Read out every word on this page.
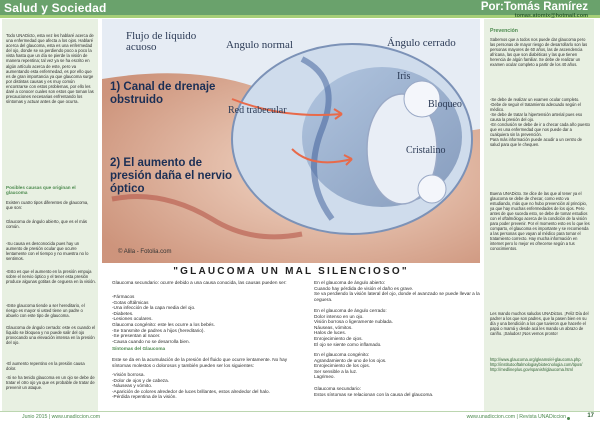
Salud y Sociedad	Por:Tomás Ramírez
tomas.atomix@hotmail.com

Todo UNADicto, esta vez les hablaré acerca de una enfermedad que afecta a los ojos. Hablaré acerca del glaucoma, esta es una enfermedad del ojo, donde se va perdiendo poco a poco la vista hasta que un día se pierde la visión de manera repentina; tal vez ya se ha escrito en algún artículo acerca de este, pero va aumentando esta enfermedad, es por ello que es de gran importancia ya que glaucoma surge por distintas causas y es muy común encontrarse con estos problemas, por ello les daré a conocer cuales son estos que toman las precauciones necesarias enfrentando los síntomas y actuar antes de que ocurra.

Posibles causas que originan el glaucoma

Existen cuatro tipos diferentes de glaucoma, que son:

Glaucoma de ángulo abierto, que es el más común.

-Su causa es desconocida pues hay un aumento de presión ocular que ocurre lentamente con el tiempo y no muestra no lo sentimos.

-Esto es que el aumento en la presión empuja sobre el nervio óptico y el tener esta presión produce algunas gotitas de ceguera en la visión.

-Este glaucoma tiende a ser hereditario, el riesgo es mayor si usted tiene un padre o abuelo con este tipo de glaucoma.

Glaucoma de ángulo cerrado: este es cuando el líquido se bloquea y no puede salir del ojo provocando una elevación intensa en la presión del ojo.

-El aumento repentino en la presión causa dolor.

-Si se ha tenido glaucoma en un ojo se debe de tratar el otro ojo ya que es probable de tratar de prevenir un ataque.

Flujo de líquido acuoso	Angulo normal	Ángulo cerrado
Iris
Red trabecular
Bloqueo
Cristalino
1) Canal de drenaje obstruido
2) El aumento de presión daña el nervio óptico
© Alila - Fotolia.com
"GLAUCOMA UN MAL SILENCIOSO"

Glaucoma secundario: ocurre debido a una causa conocida, las causas pueden ser:

-Fármacos
-Gotas oftálmicas
-Una infección de la capa media del ojo.
-Diabetes.
-Lesiones oculares.
Glaucoma congénito: este les ocurre a los bebés.
-Se transmite de padres a hijos (hereditario).
-Se presentan al nacer.
-Causa cuando no se desarrolla bien.

Síntomas del Glaucoma

Este se da en la acumulación de la presión del fluido que ocurre lentamente. No hay síntomas molestos o dolorosos y también pueden ser los siguientes:

-Visión borrosa.
-Dolor de ojos y de cabeza.
-Náuseas y vómito.
-Aparición de colores alrededor de luces brillantes, estos alrededor del halo.
-Pérdida repentina de la visión.

En el glaucoma de ángulo abierto:
Cuando hay pérdida de visión el daño es grave.
Se va perdiendo la visión lateral del ojo, donde el avanzado se puede llevar a la ceguera.

En el glaucoma de ángulo cerrado:
Dolor intenso en un ojo.
Visión borrosa o ligeramente nublada.
Náuseas, vómitos.
Halos de luces.
Enrojecimiento de ojos.
El ojo se siente como inflamado.

En el glaucoma congénito:
Agrandamiento de uno de los ojos.
Enrojecimiento de los ojos.
Ser sensible a la luz.
Lagrimeo.

Glaucoma secundario:
Estos síntomas se relacionan con la causa del glaucoma.

Prevención

Sabemos que a todos nos puede dar glaucoma pero las personas de mayor riesgo de desarrollarlo son las personas mayores de 60 años, las de ascendencia africana, las que son diabéticas y las que tienen herencia de algún familiar. Se debe de realizar un examen ocular completo a partir de los 40 años.

-Se debe de realizar un examen ocular completo.
-Debe de seguir el tratamiento adecuado según el médico.
-Se debe de tratar la hipertensión arterial pues eso causa la presión del ojo.
-En conclusión se debe de ir a checar cada año puesto que es una enfermedad que nos puede dar a cualquiera sin la prevención.
Para más información puede acudir a un centro de salud para que le chequen.

Buena UNADicto. Se dice de las que al tener ya el glaucoma se debe de checar, como esto va estudiando, más que no hubo prevención al principio, ya que hay muchas enfermedades de los ojos. Pero antes de que suceda esto, se debe de tomar estudios con el oftalmólogo acerca de la condición de la visión para poder prevenir. Por el momento esto es lo que les comparto, el glaucoma es importante y se recomienda a las personas que vayan al médico para tomar el tratamiento correcto. Hay mucha información en internet pero lo mejor es ofrecerse según a tus conocimientos.

Les mando muchos saludos UNADictos. ¡Feliz Día del padre! a los que son padres, que la pasen bien en su día y una bendición a los que tuvieron que hacerle el papá o mamá y desde acá les mando un abrazo de cariño. ¡Saludos! ¡Nos vemos pronto!

http://www.glaucoma.org/gleams/el-glaucoma.php
http://institutooftalmologiaybiotecnologia.com/tipos/
http://medlineplus.gov/spanish/glaucoma.html

Junio 2015 | www.unadiccion.com	www.unadiccion.com | Revista UNADiccion	17
